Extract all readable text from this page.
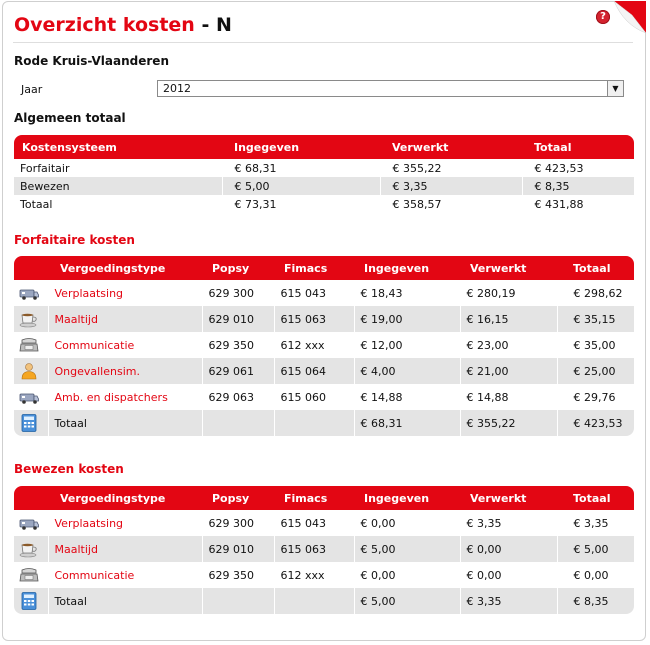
Overzicht kosten - N	?
Rode Kruis-Vlaanderen
Jaar	2012	▼
Algemeen totaal
Kostensysteem	Ingegeven	Verwerkt	Totaal
Forfaitair	€ 68,31	€ 355,22	€ 423,53
Bewezen	€ 5,00	€ 3,35	€ 8,35
Totaal	€ 73,31	€ 358,57	€ 431,88
Forfaitaire kosten
	Vergoedingstype	Popsy	Fimacs	Ingegeven	Verwerkt	Totaal
	Verplaatsing	629 300	615 043	€ 18,43	€ 280,19	€ 298,62
	Maaltijd	629 010	615 063	€ 19,00	€ 16,15	€ 35,15
	Communicatie	629 350	612 xxx	€ 12,00	€ 23,00	€ 35,00
	Ongevallensim.	629 061	615 064	€ 4,00	€ 21,00	€ 25,00
	Amb. en dispatchers	629 063	615 060	€ 14,88	€ 14,88	€ 29,76
	Totaal			€ 68,31	€ 355,22	€ 423,53
Bewezen kosten
	Vergoedingstype	Popsy	Fimacs	Ingegeven	Verwerkt	Totaal
	Verplaatsing	629 300	615 043	€ 0,00	€ 3,35	€ 3,35
	Maaltijd	629 010	615 063	€ 5,00	€ 0,00	€ 5,00
	Communicatie	629 350	612 xxx	€ 0,00	€ 0,00	€ 0,00
	Totaal			€ 5,00	€ 3,35	€ 8,35
